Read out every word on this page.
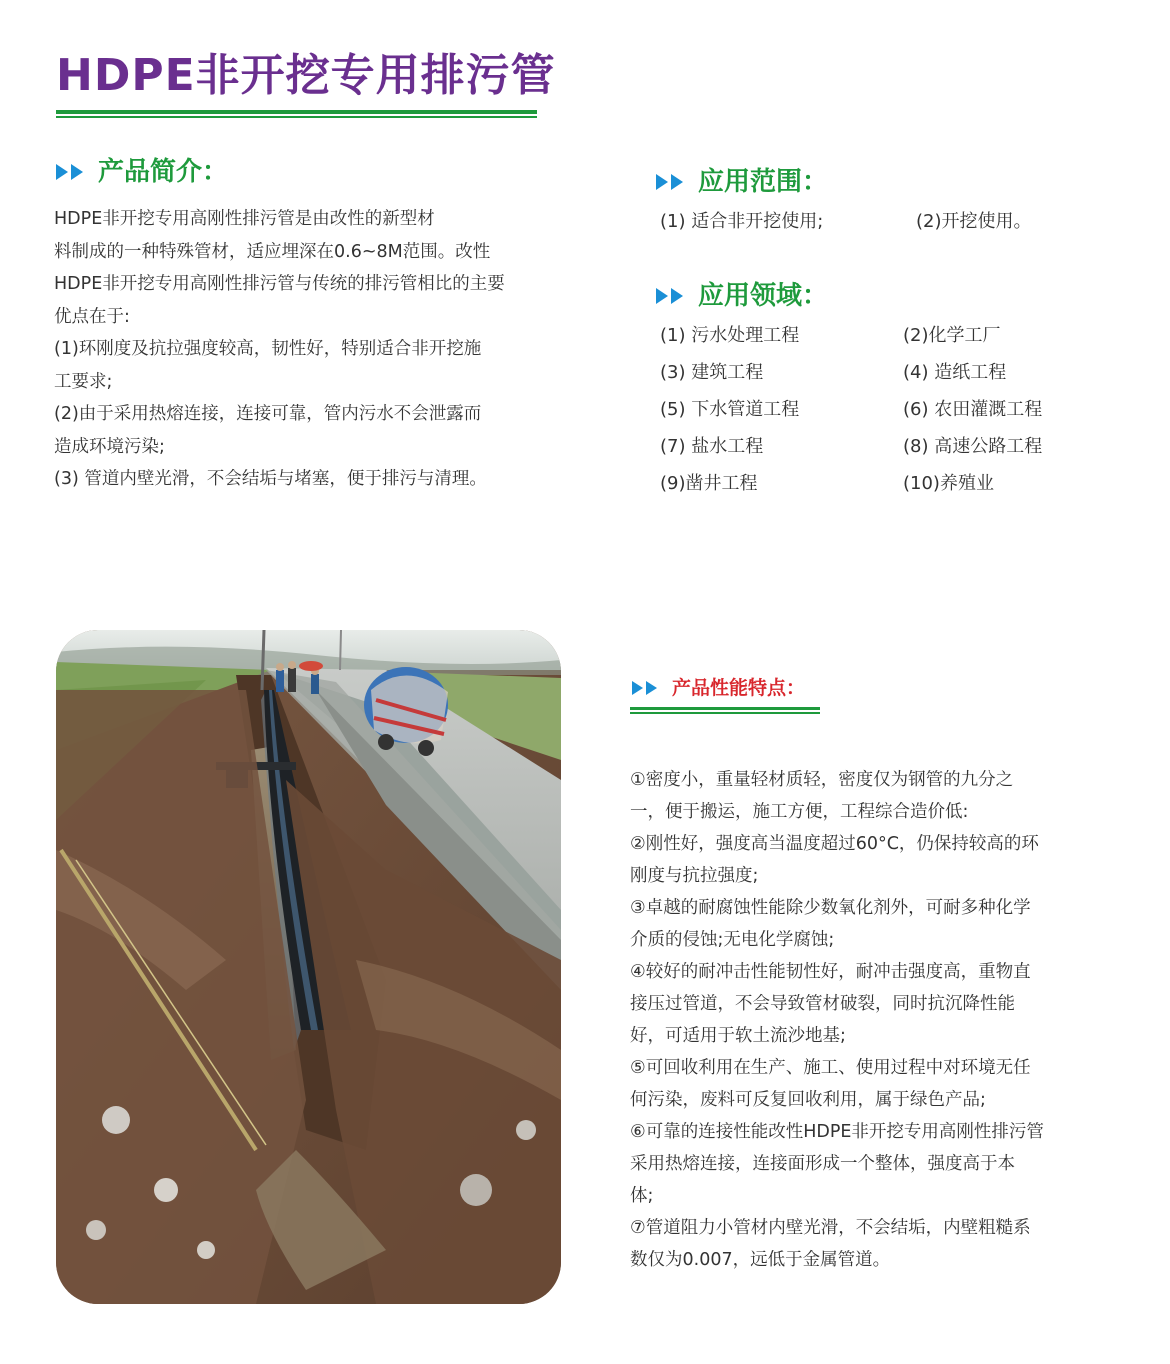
HDPE非开挖专用排污管
产品简介：

HDPE非开挖专用高刚性排污管是由改性的新型材

料制成的一种特殊管材，适应埋深在0.6~8M范围。改性

HDPE非开挖专用高刚性排污管与传统的排污管相比的主要

优点在于:

(1)环刚度及抗拉强度较高，韧性好，特别适合非开挖施

工要求;

(2)由于采用热熔连接，连接可靠，管内污水不会泄露而

造成环境污染;

(3) 管道内壁光滑，不会结垢与堵塞，便于排污与清理。

应用范围：
(1) 适合非开挖使用;	(2)开挖使用。
应用领域：
(1) 污水处理工程	(2)化学工厂
(3) 建筑工程	(4) 造纸工程
(5) 下水管道工程	(6) 农田灌溉工程
(7) 盐水工程	(8) 高速公路工程
(9)凿井工程	(10)养殖业
产品性能特点：

①密度小，重量轻材质轻，密度仅为钢管的九分之

一，便于搬运，施工方便，工程综合造价低:

②刚性好，强度高当温度超过60°C，仍保持较高的环

刚度与抗拉强度;

③卓越的耐腐蚀性能除少数氧化剂外，可耐多种化学

介质的侵蚀;无电化学腐蚀;

④较好的耐冲击性能韧性好，耐冲击强度高，重物直

接压过管道，不会导致管材破裂，同时抗沉降性能

好，可适用于软土流沙地基;

⑤可回收利用在生产、施工、使用过程中对环境无任

何污染，废料可反复回收利用，属于绿色产品;

⑥可靠的连接性能改性HDPE非开挖专用高刚性排污管

采用热熔连接，连接面形成一个整体，强度高于本

体;

⑦管道阻力小管材内壁光滑，不会结垢，内壁粗糙系

数仅为0.007，远低于金属管道。
